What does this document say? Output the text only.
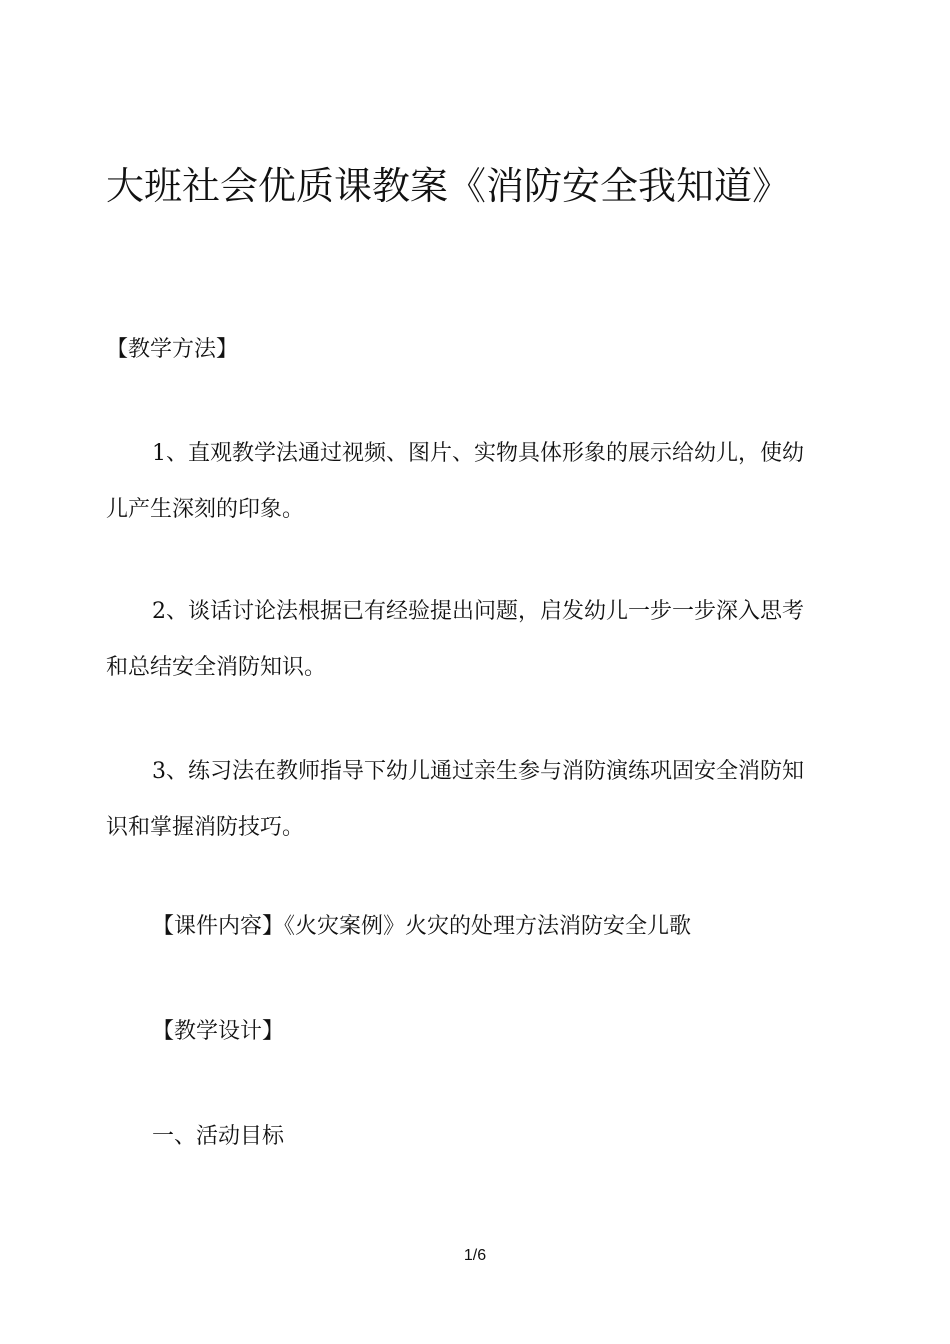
大班社会优质课教案《消防安全我知道》
【教学方法】
1、直观教学法通过视频、图片、实物具体形象的展示给幼儿，使幼
儿产生深刻的印象。
2、谈话讨论法根据已有经验提出问题，启发幼儿一步一步深入思考
和总结安全消防知识。
3、练习法在教师指导下幼儿通过亲生参与消防演练巩固安全消防知
识和掌握消防技巧。
【课件内容】《火灾案例》火灾的处理方法消防安全儿歌
【教学设计】
一、活动目标
1/6
